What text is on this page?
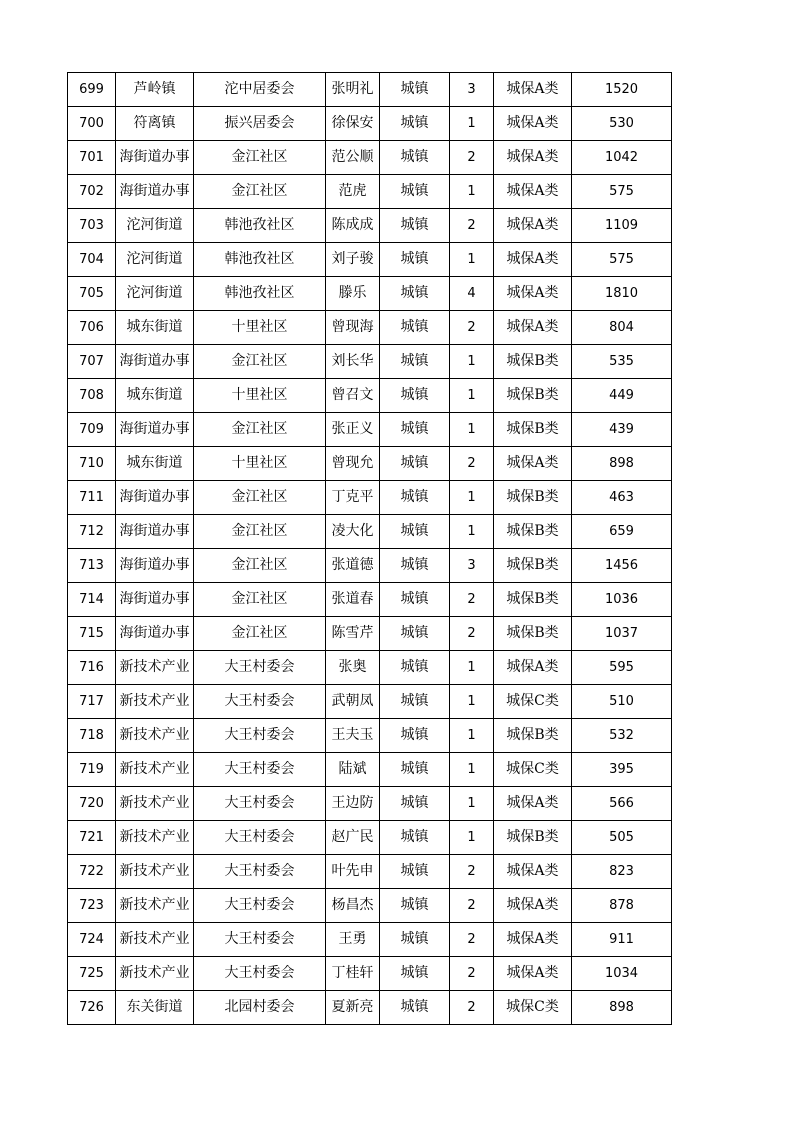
699	芦岭镇	沱中居委会	张明礼	城镇	3	城保A类	1520
700	符离镇	振兴居委会	徐保安	城镇	1	城保A类	530
701	海街道办事	金江社区	范公顺	城镇	2	城保A类	1042
702	海街道办事	金江社区	范虎	城镇	1	城保A类	575
703	沱河街道	韩池孜社区	陈成成	城镇	2	城保A类	1109
704	沱河街道	韩池孜社区	刘子骏	城镇	1	城保A类	575
705	沱河街道	韩池孜社区	滕乐	城镇	4	城保A类	1810
706	城东街道	十里社区	曾现海	城镇	2	城保A类	804
707	海街道办事	金江社区	刘长华	城镇	1	城保B类	535
708	城东街道	十里社区	曾召文	城镇	1	城保B类	449
709	海街道办事	金江社区	张正义	城镇	1	城保B类	439
710	城东街道	十里社区	曾现允	城镇	2	城保A类	898
711	海街道办事	金江社区	丁克平	城镇	1	城保B类	463
712	海街道办事	金江社区	凌大化	城镇	1	城保B类	659
713	海街道办事	金江社区	张道德	城镇	3	城保B类	1456
714	海街道办事	金江社区	张道春	城镇	2	城保B类	1036
715	海街道办事	金江社区	陈雪芹	城镇	2	城保B类	1037
716	新技术产业	大王村委会	张奥	城镇	1	城保A类	595
717	新技术产业	大王村委会	武朝凤	城镇	1	城保C类	510
718	新技术产业	大王村委会	王夫玉	城镇	1	城保B类	532
719	新技术产业	大王村委会	陆斌	城镇	1	城保C类	395
720	新技术产业	大王村委会	王边防	城镇	1	城保A类	566
721	新技术产业	大王村委会	赵广民	城镇	1	城保B类	505
722	新技术产业	大王村委会	叶先申	城镇	2	城保A类	823
723	新技术产业	大王村委会	杨昌杰	城镇	2	城保A类	878
724	新技术产业	大王村委会	王勇	城镇	2	城保A类	911
725	新技术产业	大王村委会	丁桂轩	城镇	2	城保A类	1034
726	东关街道	北园村委会	夏新亮	城镇	2	城保C类	898
